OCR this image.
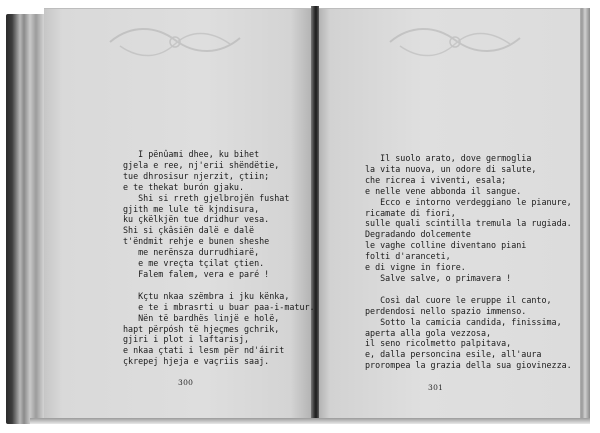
I pënûami dhee, ku bihet
gjela e ree, nj'erii shëndëtie,
tue dhrosisur njerzit, çtiin;
e te thekat burón gjaku.
Shi si rreth gjelbrojën fushat
gjith me lule të kjndisura,
ku çkëlkjën tue dridhur vesa.
Shi si çkâsiën dalë e dalë
t'ëndmit rehje e bunen sheshe
me nerënsza durrudhiarë,
e me vreçta tçilat çtien.
Falem falem, vera e paré !

Kçtu nkaa szëmbra i jku kënka,
e te i mbrasrti u buar paa-i-matur.
Nën të bardhës linjë e holë,
hapt përpósh të hjeçmes gchrik,
gjiri i plot i laftarisj,
e nkaa çtati i lesm për nd'áirit
çkrepej hjeja e vaçriis saaj.
Il suolo arato, dove germoglia
la vita nuova, un odore di salute,
che ricrea i viventi, esala;
e nelle vene abbonda il sangue.
Ecco e intorno verdeggiano le pianure,
ricamate di fiori,
sulle quali scintilla tremula la rugiada.
Degradando dolcemente
le vaghe colline diventano piani
folti d'aranceti,
e di vigne in fiore.
Salve salve, o primavera !

Così dal cuore le eruppe il canto,
perdendosi nello spazio immenso.
Sotto la camicia candida, finissima,
aperta alla gola vezzosa,
il seno ricolmetto palpitava,
e, dalla personcina esile, all'aura
prorompea la grazia della sua giovinezza.
300
301
